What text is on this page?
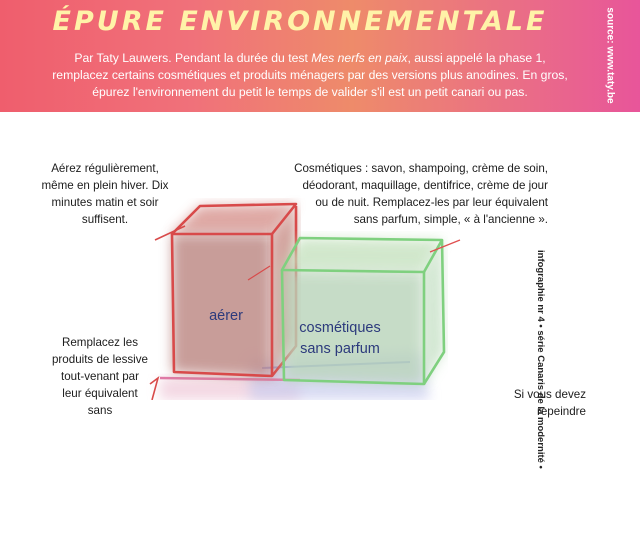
ÉPURE ENVIRONNEMENTALE
Par Taty Lauwers. Pendant la durée du test Mes nerfs en paix, aussi appelé la phase 1, remplacez certains cosmétiques et produits ménagers par des versions plus anodines. En gros, épurez l'environnement du petit le temps de valider s'il est un petit canari ou pas.	source: www.taty.be
infographie nr 4 • série Canaris de la modernité •
Aérez régulièrement, même en plein hiver. Dix minutes matin et soir suffisent.
Cosmétiques : savon, shampoing, crème de soin, déodorant, maquillage, dentifrice, crème de jour ou de nuit. Remplacez-les par leur équivalent sans parfum, simple, « à l'ancienne ».
Remplacez les produits de lessive tout-venant par leur équivalent sans
Si vous devez repeindre
aérer
cosmétiques
sans parfum
